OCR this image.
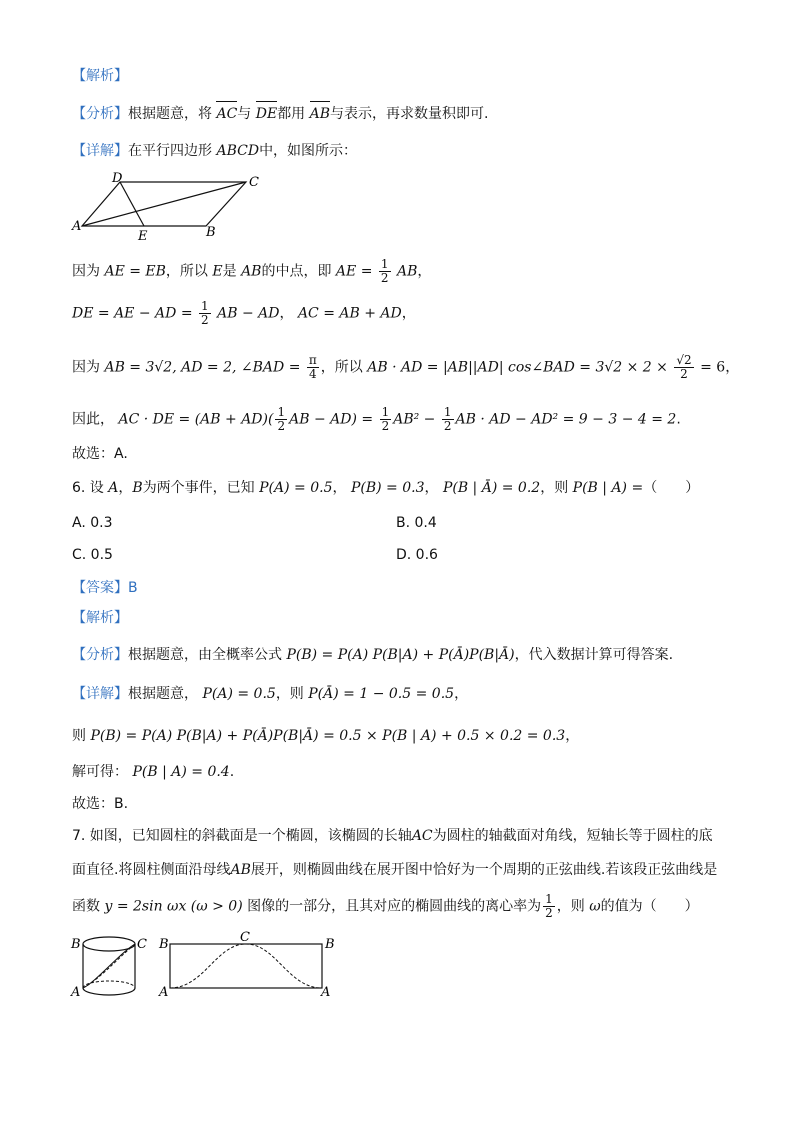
【解析】
【分析】根据题意，将 AC与 DE都用 AB与表示，再求数量积即可.
【详解】在平行四边形 ABCD中，如图所示：
D	C
A
E	B
因为 AE = EB，所以 E是 AB的中点，即 AE = $\frac{1}{2}$ AB，
DE = AE − AD = $\frac{1}{2}$ AB − AD， AC = AB + AD，
因为 AB = 3√2, AD = 2, ∠BAD = $\frac{\pi}{4}$ ，所以 AB · AD = |AB||AD| cos∠BAD = $3√2 \times 2 \times \frac{√2}{2} = 6$，
因此， AC · DE = $(AB + AD)( \frac{1}{2}$ AB − $AD) = \frac{1}{2} AB^2 - \frac{1}{2}$ AB · AD − AD² = 9 − 3 − 4 = 2.
故选：A.
6. 设 A，B为两个事件，已知 P(A) = 0.5， P(B) = 0.3， P(B | Ā) = 0.2，则 P(B | A) =（　　）
A. 0.3	B. 0.4
C. 0.5	D. 0.6
【答案】B
【解析】
【分析】根据题意，由全概率公式 P(B) = P(A) P(B|A) + P(Ā)P(B|Ā)，代入数据计算可得答案.
【详解】根据题意， P(A) = 0.5，则 P(Ā) = 1 − 0.5 = 0.5，
则 P(B) = P(A) P(B|A) + P(Ā)P(B|Ā) = 0.5 × P(B | A) + 0.5 × 0.2 = 0.3，
解可得： P(B | A) = 0.4.
故选：B.
7. 如图，已知圆柱的斜截面是一个椭圆，该椭圆的长轴AC为圆柱的轴截面对角线，短轴长等于圆柱的底
面直径.将圆柱侧面沿母线AB展开，则椭圆曲线在展开图中恰好为一个周期的正弦曲线.若该段正弦曲线是
函数 y = 2sin ωx (ω > 0) 图像的一部分，且其对应的椭圆曲线的离心率为 $\frac{1}{2}$ ，则 ω的值为（　　）
B	C
A
B	C	B
A	A
